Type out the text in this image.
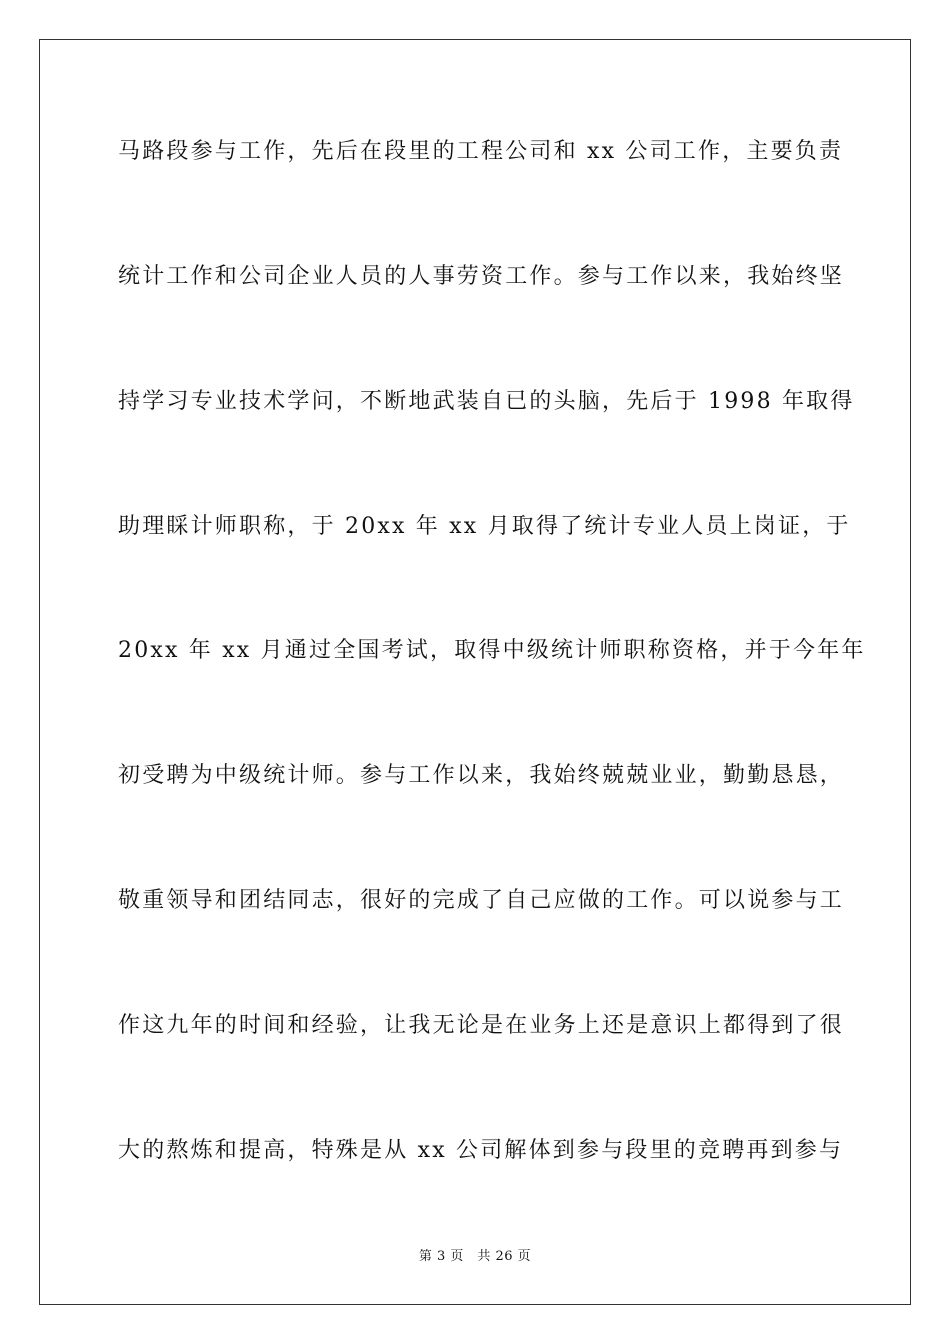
马路段参与工作，先后在段里的工程公司和 xx 公司工作，主要负责
统计工作和公司企业人员的人事劳资工作。参与工作以来，我始终坚
持学习专业技术学问，不断地武装自已的头脑，先后于 1998 年取得
助理睬计师职称，于 20xx 年 xx 月取得了统计专业人员上岗证，于
20xx 年 xx 月通过全国考试，取得中级统计师职称资格，并于今年年
初受聘为中级统计师。参与工作以来，我始终兢兢业业，勤勤恳恳，
敬重领导和团结同志，很好的完成了自己应做的工作。可以说参与工
作这九年的时间和经验，让我无论是在业务上还是意识上都得到了很
大的熬炼和提高，特殊是从 xx 公司解体到参与段里的竞聘再到参与
第 3 页　共 26 页
